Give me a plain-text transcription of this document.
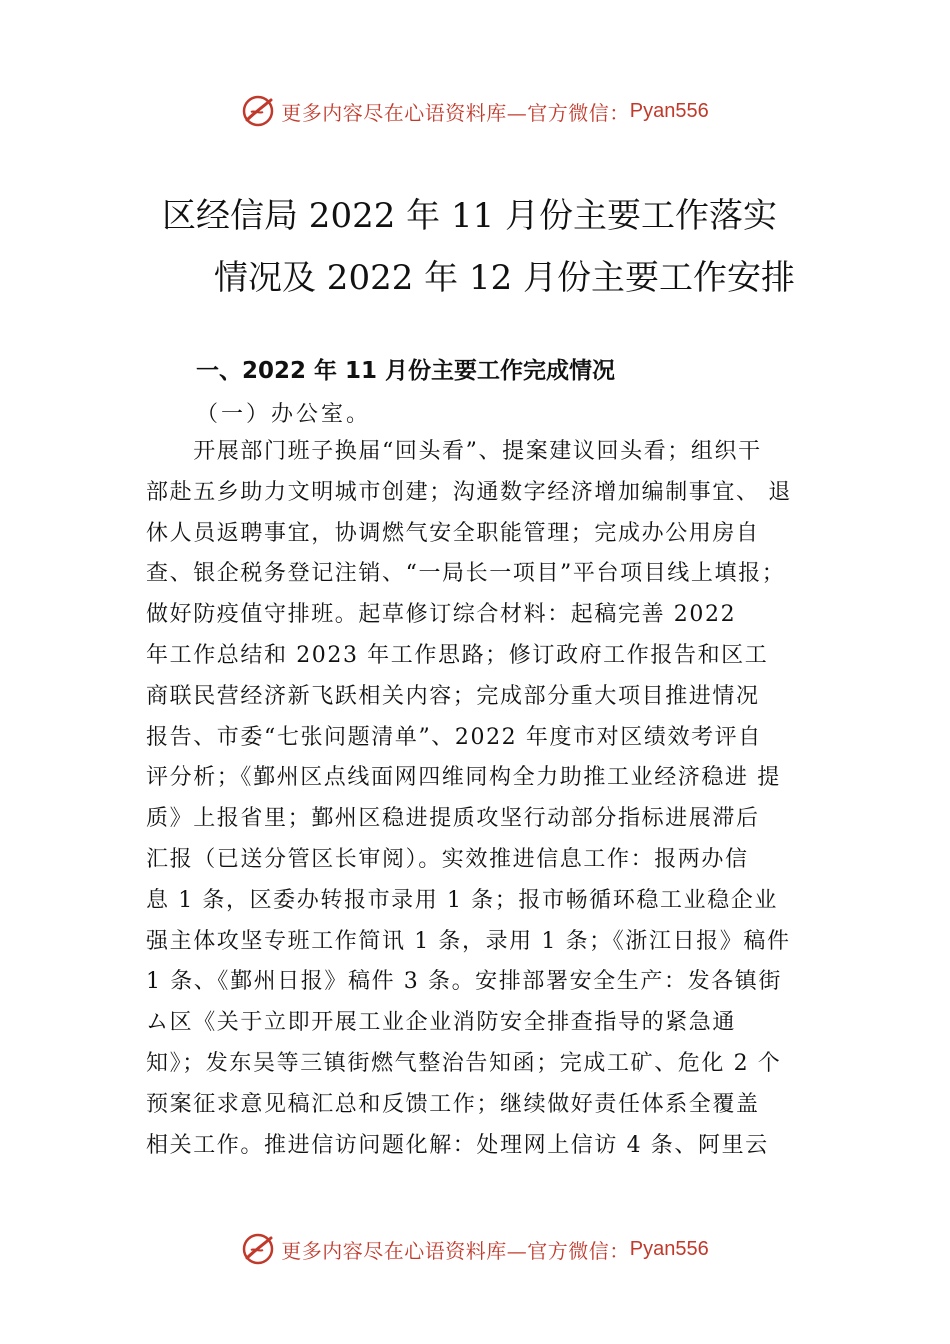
更多内容尽在心语资料库—官方微信： Pyan556
区经信局 2022 年 11 月份主要工作落实
情况及 2022 年 12 月份主要工作安排
一、2022 年 11 月份主要工作完成情况
（一）办公室。
　　开展部门班子换届“回头看”、提案建议回头看；组织干
部赴五乡助力文明城市创建；沟通数字经济增加编制事宜、 退
休人员返聘事宜，协调燃气安全职能管理；完成办公用房自
查、银企税务登记注销、“一局长一项目”平台项目线上填报；
做好防疫值守排班。起草修订综合材料：起稿完善 2022
年工作总结和 2023 年工作思路；修订政府工作报告和区工
商联民营经济新飞跃相关内容；完成部分重大项目推进情况
报告、市委“七张问题清单”、2022 年度市对区绩效考评自
评分析；《鄞州区点线面网四维同构全力助推工业经济稳进 提
质》上报省里；鄞州区稳进提质攻坚行动部分指标进展滞后
汇报（已送分管区长审阅）。实效推进信息工作：报两办信
息 1 条，区委办转报市录用 1 条；报市畅循环稳工业稳企业
强主体攻坚专班工作简讯 1 条，录用 1 条；《浙江日报》稿件
1 条、《鄞州日报》稿件 3 条。安排部署安全生产：发各镇街
ム区《关于立即开展工业企业消防安全排查指导的紧急通
知》；发东吴等三镇街燃气整治告知函；完成工矿、危化 2 个
预案征求意见稿汇总和反馈工作；继续做好责任体系全覆盖
相关工作。推进信访问题化解：处理网上信访 4 条、阿里云
更多内容尽在心语资料库—官方微信： Pyan556
